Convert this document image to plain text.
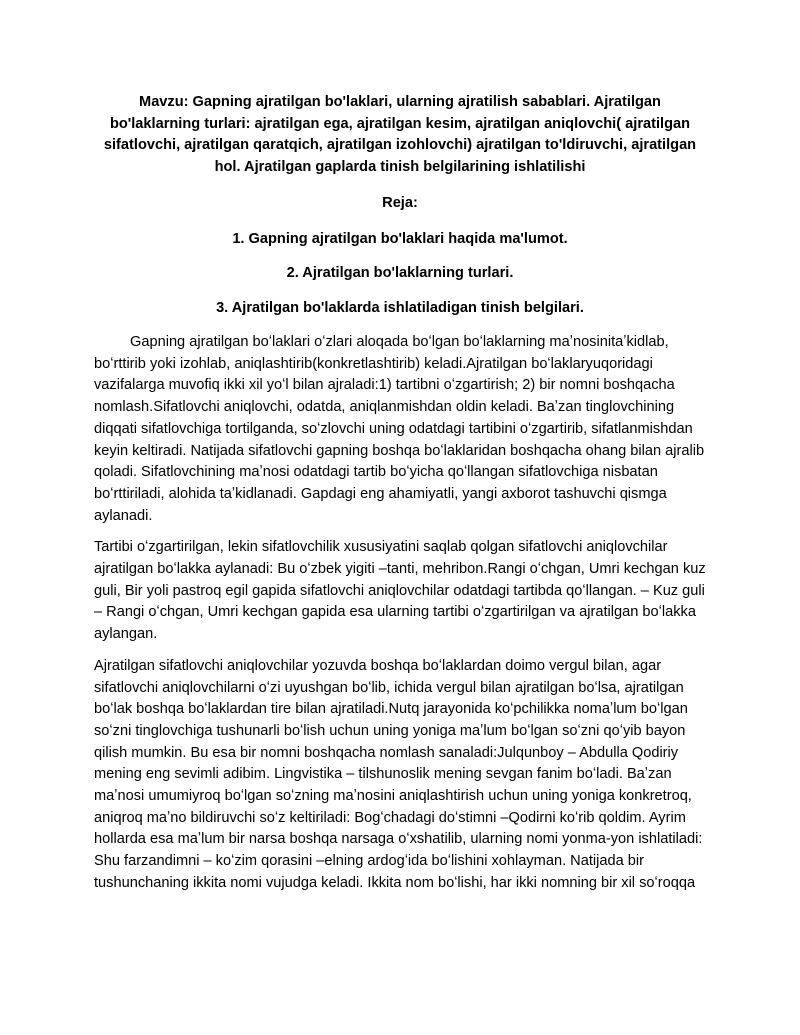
Mavzu: Gapning ajratilgan bo'laklari, ularning ajratilish sabablari. Ajratilgan bo'laklarning turlari: ajratilgan ega, ajratilgan kesim, ajratilgan aniqlovchi( ajratilgan sifatlovchi, ajratilgan qaratqich, ajratilgan izohlovchi) ajratilgan to'ldiruvchi, ajratilgan hol. Ajratilgan gaplarda tinish belgilarining ishlatilishi

Reja:

1. Gapning ajratilgan bo'laklari haqida ma'lumot.

2. Ajratilgan bo'laklarning turlari.

3. Ajratilgan bo'laklarda ishlatiladigan tinish belgilari.

Gapning ajratilgan boʻlaklari oʻzlari aloqada boʻlgan boʻlaklarning maʼnosinitaʼkidlab, boʻrttirib yoki izohlab, aniqlashtirib(konkretlashtirib) keladi.Ajratilgan boʻlaklaryuqoridagi vazifalarga muvofiq ikki xil yoʻl bilan ajraladi:1) tartibni oʻzgartirish; 2) bir nomni boshqacha nomlash.Sifatlovchi aniqlovchi, odatda, aniqlanmishdan oldin keladi. Baʼzan tinglovchining diqqati sifatlovchiga tortilganda, soʻzlovchi uning odatdagi tartibini oʻzgartirib, sifatlanmishdan keyin keltiradi. Natijada sifatlovchi gapning boshqa boʻlaklaridan boshqacha ohang bilan ajralib qoladi. Sifatlovchining maʼnosi odatdagi tartib boʻyicha qoʻllangan sifatlovchiga nisbatan boʻrttiriladi, alohida taʼkidlanadi. Gapdagi eng ahamiyatli, yangi axborot tashuvchi qismga aylanadi.

Tartibi oʻzgartirilgan, lekin sifatlovchilik xususiyatini saqlab qolgan sifatlovchi aniqlovchilar ajratilgan boʻlakka aylanadi: Bu oʻzbek yigiti –tanti, mehribon.Rangi oʻchgan, Umri kechgan kuz guli, Bir yoli pastroq egil gapida sifatlovchi aniqlovchilar odatdagi tartibda qoʻllangan. – Kuz guli – Rangi oʻchgan, Umri kechgan gapida esa ularning tartibi oʻzgartirilgan va ajratilgan boʻlakka aylangan.

Ajratilgan sifatlovchi aniqlovchilar yozuvda boshqa boʻlaklardan doimo vergul bilan, agar sifatlovchi aniqlovchilarni oʻzi uyushgan boʻlib, ichida vergul bilan ajratilgan boʻlsa, ajratilgan boʻlak boshqa boʻlaklardan tire bilan ajratiladi.Nutq jarayonida koʻpchilikka nomaʼlum boʻlgan soʻzni tinglovchiga tushunarli boʻlish uchun uning yoniga maʼlum boʻlgan soʻzni qoʻyib bayon qilish mumkin. Bu esa bir nomni boshqacha nomlash sanaladi:Julqunboy – Abdulla Qodiriy mening eng sevimli adibim. Lingvistika – tilshunoslik mening sevgan fanim boʻladi. Baʼzan maʼnosi umumiyroq boʻlgan soʻzning maʼnosini aniqlashtirish uchun uning yoniga konkretroq, aniqroq maʼno bildiruvchi soʻz keltiriladi: Bogʻchadagi doʻstimni –Qodirni koʻrib qoldim. Ayrim hollarda esa maʼlum bir narsa boshqa narsaga oʻxshatilib, ularning nomi yonma-yon ishlatiladi: Shu farzandimni – koʻzim qorasini –elning ardogʻida boʻlishini xohlayman. Natijada bir tushunchaning ikkita nomi vujudga keladi. Ikkita nom boʻlishi, har ikki nomning bir xil soʻroqqa
